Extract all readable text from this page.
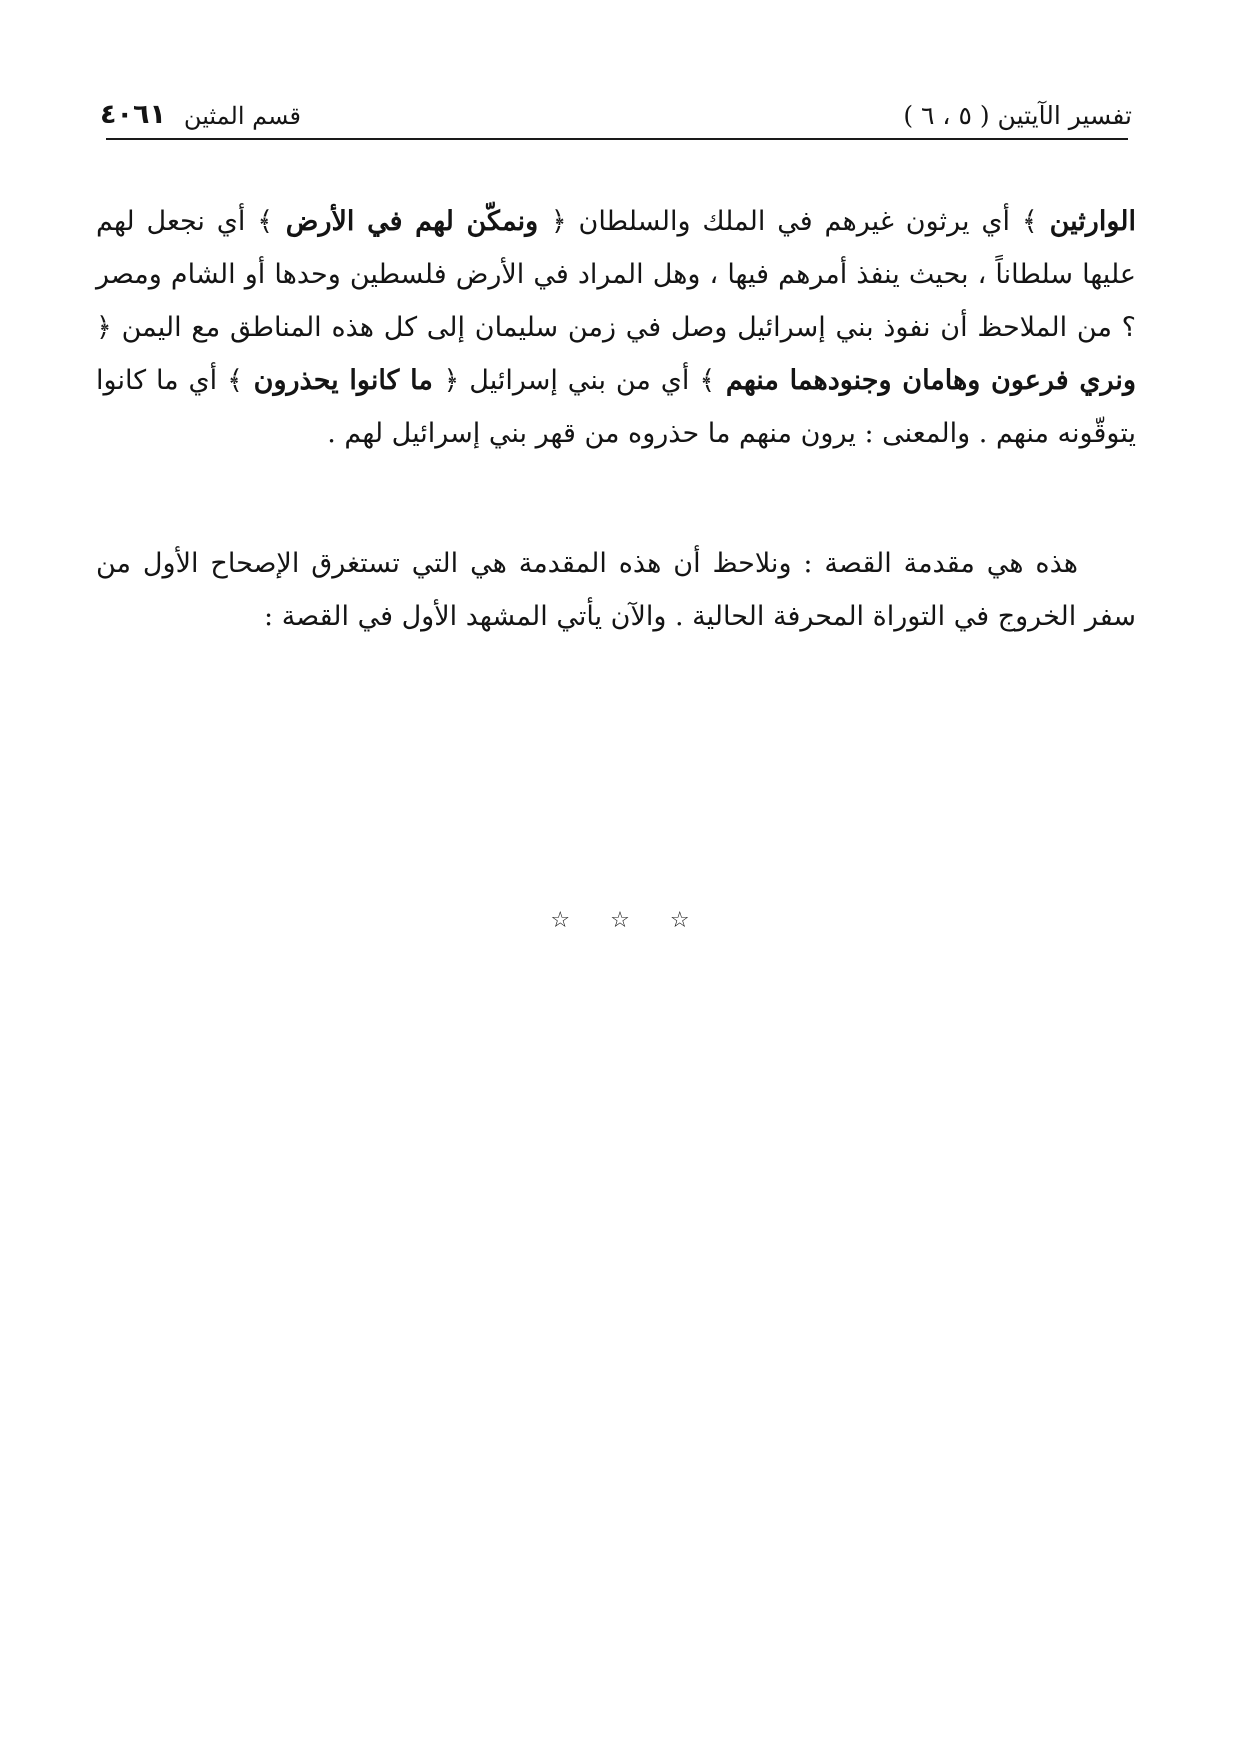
تفسير الآيتين ( ٥ ، ٦ )
قسم المثين
٤٠٦١

الوارثين ﴾ أي يرثون غيرهم في الملك والسلطان ﴿ ونمكّن لهم في الأرض ﴾ أي نجعل لهم عليها سلطاناً ، بحيث ينفذ أمرهم فيها ، وهل المراد في الأرض فلسطين وحدها أو الشام ومصر ؟ من الملاحظ أن نفوذ بني إسرائيل وصل في زمن سليمان إلى كل هذه المناطق مع اليمن ﴿ ونري فرعون وهامان وجنودهما منهم ﴾ أي من بني إسرائيل ﴿ ما كانوا يحذرون ﴾ أي ما كانوا يتوقّونه منهم . والمعنى : يرون منهم ما حذروه من قهر بني إسرائيل لهم .

هذه هي مقدمة القصة : ونلاحظ أن هذه المقدمة هي التي تستغرق الإصحاح الأول من سفر الخروج في التوراة المحرفة الحالية . والآن يأتي المشهد الأول في القصة :

☆ ☆ ☆
